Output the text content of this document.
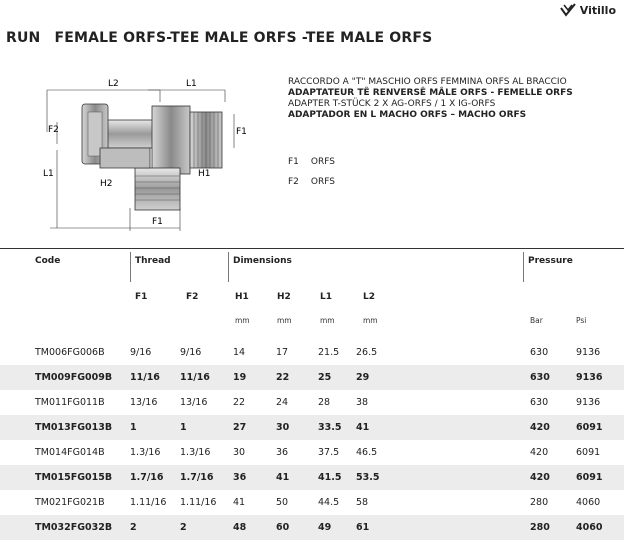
Vitillo
RUN FEMALE ORFS-TEE MALE ORFS -TEE MALE ORFS
L2	L1
F2	F1
L1	H1
H2
F1
RACCORDO A "T" MASCHIO ORFS FEMMINA ORFS AL BRACCIO
ADAPTATEUR TÊ RENVERSÊ MÂLE ORFS - FEMELLE ORFS
ADAPTER T-STÜCK 2 X AG-ORFS / 1 X IG-ORFS
ADAPTADOR EN L MACHO ORFS – MACHO ORFS
F1 ORFS
F2 ORFS
Code	Thread	Dimensions	Pressure
F1	F2	H1	H2	L1	L2
mm	mm	mm	mm	Bar	Psi
TM006FG006B	9/16	9/16	14	17	21.5 26.5	630	9136
TM009FG009B 11/16 11/16 19	22	25	29	630	9136
TM011FG011B	13/16 13/16	22	24	28	38	630	9136
TM013FG013B 1	1	27	30	33.5 41	420	6091
TM014FG014B	1.3/16 1.3/16 30	36	37.5 46.5	420	6091
TM015FG015B 1.7/16 1.7/16 36	41	41.5 53.5	420	6091
TM021FG021B	1.11/16 1.11/16 41	50	44.5 58	280	4060
TM032FG032B 2	2	48	60	49	61	280	4060
